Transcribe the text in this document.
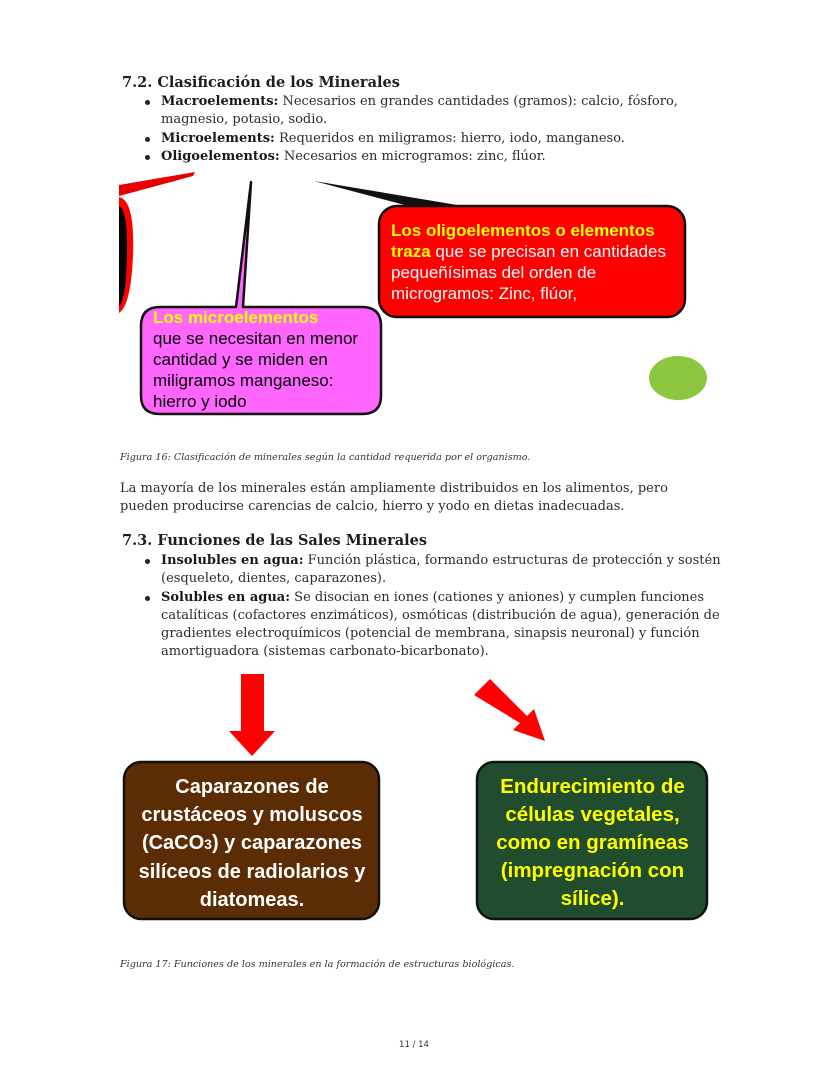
7.2. Clasificación de los Minerales
Macroelements: Necesarios en grandes cantidades (gramos): calcio, fósforo, magnesio, potasio, sodio.
Microelements: Requeridos en miligramos: hierro, iodo, manganeso.
Oligoelementos: Necesarios en microgramos: zinc, flúor.
Los oligoelementos o elementos traza que se precisan en cantidades pequeñísimas del orden de microgramos: Zinc, flúor,
Los microelementos
que se necesitan en menor cantidad y se miden en miligramos manganeso: hierro y iodo
Figura 16: Clasificación de minerales según la cantidad requerida por el organismo.
La mayoría de los minerales están ampliamente distribuidos en los alimentos, pero pueden producirse carencias de calcio, hierro y yodo en dietas inadecuadas.
7.3. Funciones de las Sales Minerales
Insolubles en agua: Función plástica, formando estructuras de protección y sostén (esqueleto, dientes, caparazones).
Solubles en agua: Se disocian en iones (cationes y aniones) y cumplen funciones catalíticas (cofactores enzimáticos), osmóticas (distribución de agua), generación de gradientes electroquímicos (potencial de membrana, sinapsis neuronal) y función amortiguadora (sistemas carbonato-bicarbonato).
Caparazones de
crustáceos y moluscos
(CaCO3) y caparazones
silíceos de radiolarios y
diatomeas.
Endurecimiento de células vegetales, como en gramíneas (impregnación con sílice).
Figura 17: Funciones de los minerales en la formación de estructuras biológicas.
11 / 14
